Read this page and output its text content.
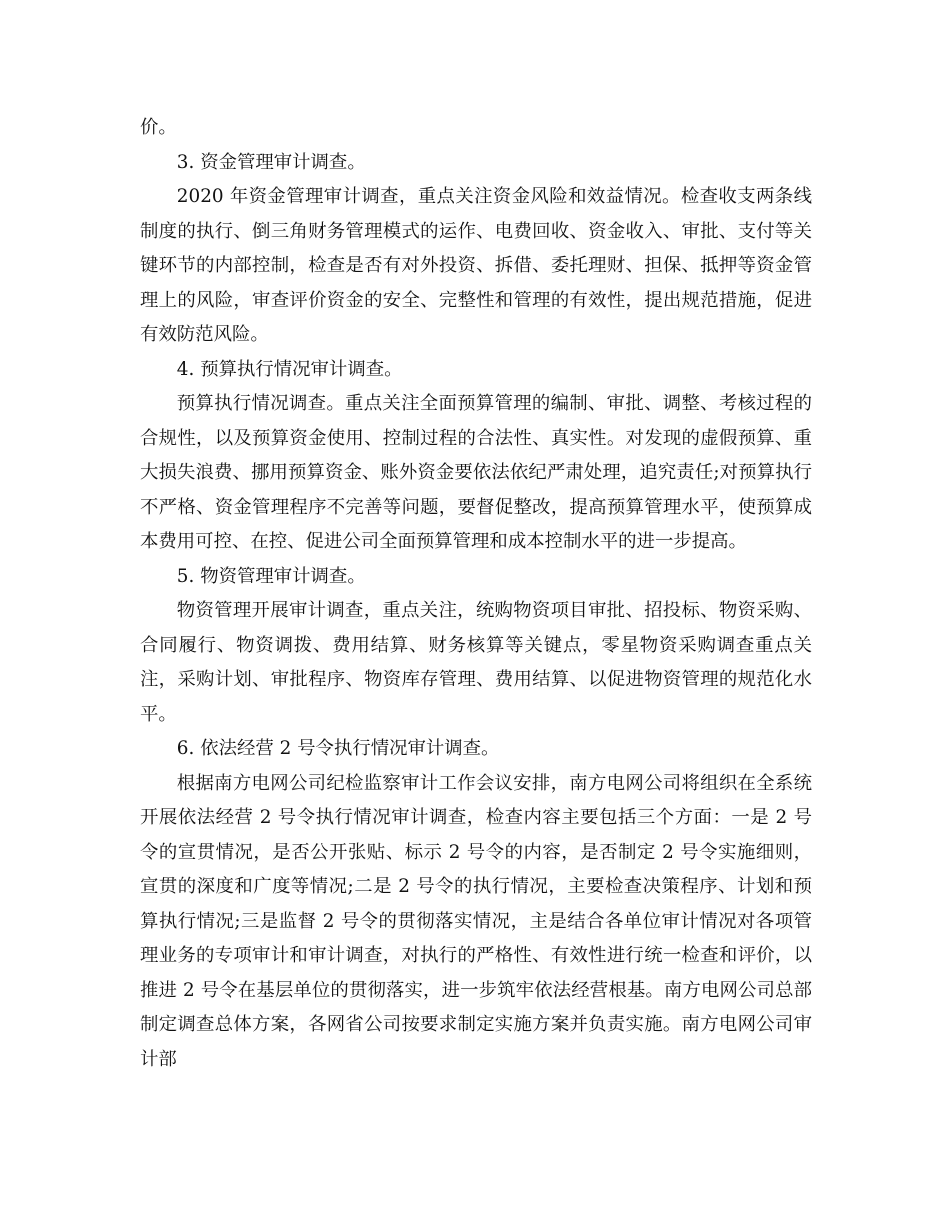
价。

3. 资金管理审计调查。

2020 年资金管理审计调查，重点关注资金风险和效益情况。检查收支两条线制度的执行、倒三角财务管理模式的运作、电费回收、资金收入、审批、支付等关键环节的内部控制，检查是否有对外投资、拆借、委托理财、担保、抵押等资金管理上的风险，审查评价资金的安全、完整性和管理的有效性，提出规范措施，促进有效防范风险。

4. 预算执行情况审计调查。

预算执行情况调查。重点关注全面预算管理的编制、审批、调整、考核过程的合规性，以及预算资金使用、控制过程的合法性、真实性。对发现的虚假预算、重大损失浪费、挪用预算资金、账外资金要依法依纪严肃处理，追究责任;对预算执行不严格、资金管理程序不完善等问题，要督促整改，提高预算管理水平，使预算成本费用可控、在控、促进公司全面预算管理和成本控制水平的进一步提高。

5. 物资管理审计调查。

物资管理开展审计调查，重点关注，统购物资项目审批、招投标、物资采购、合同履行、物资调拨、费用结算、财务核算等关键点，零星物资采购调查重点关注，采购计划、审批程序、物资库存管理、费用结算、以促进物资管理的规范化水平。

6. 依法经营 2 号令执行情况审计调查。

根据南方电网公司纪检监察审计工作会议安排，南方电网公司将组织在全系统开展依法经营 2 号令执行情况审计调查，检查内容主要包括三个方面：一是 2 号令的宣贯情况，是否公开张贴、标示 2 号令的内容，是否制定 2 号令实施细则，宣贯的深度和广度等情况;二是 2 号令的执行情况，主要检查决策程序、计划和预算执行情况;三是监督 2 号令的贯彻落实情况，主是结合各单位审计情况对各项管理业务的专项审计和审计调查，对执行的严格性、有效性进行统一检查和评价，以推进 2 号令在基层单位的贯彻落实，进一步筑牢依法经营根基。南方电网公司总部制定调查总体方案，各网省公司按要求制定实施方案并负责实施。南方电网公司审计部
